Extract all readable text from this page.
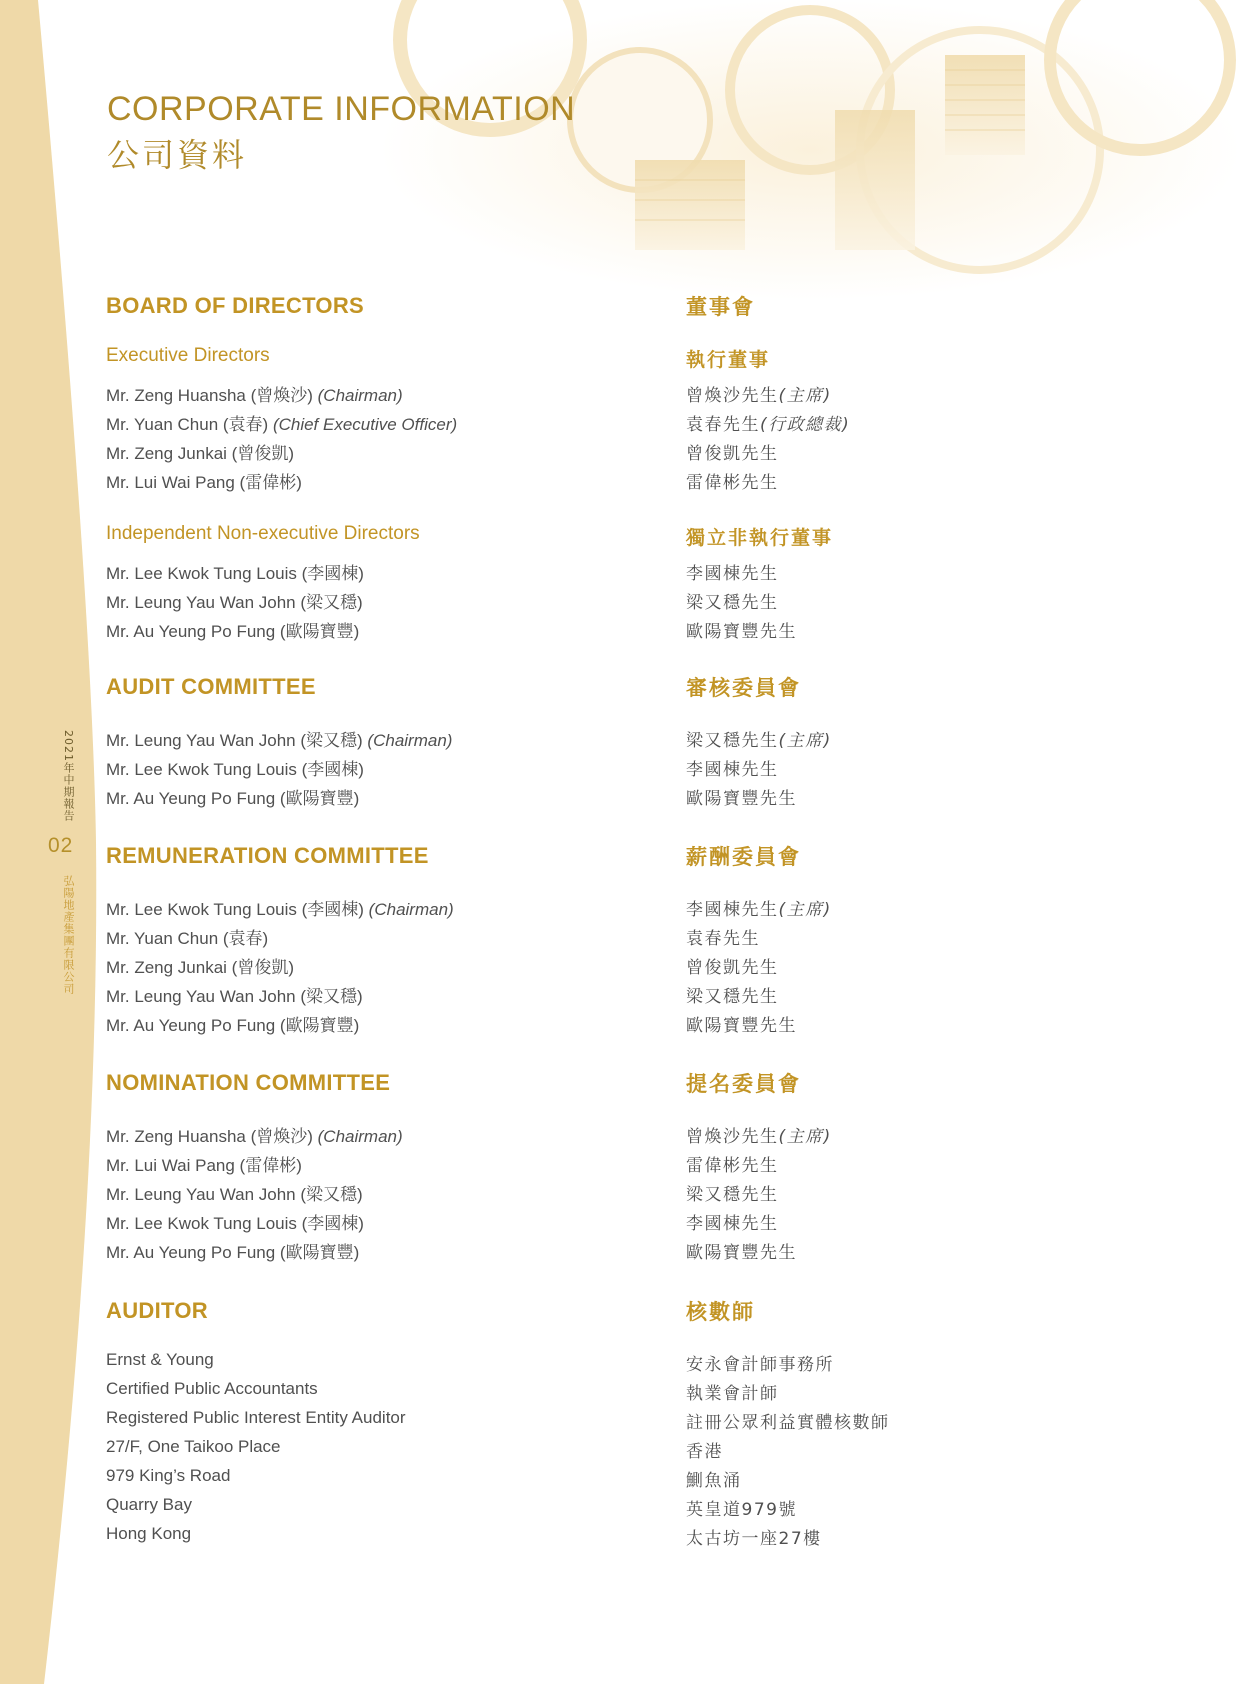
CORPORATE INFORMATION
公司資料
2021年中期報告
02
弘陽地產集團有限公司
BOARD OF DIRECTORS
Executive Directors
Mr. Zeng Huansha (曾煥沙) (Chairman)
Mr. Yuan Chun (袁春) (Chief Executive Officer)
Mr. Zeng Junkai (曾俊凱)
Mr. Lui Wai Pang (雷偉彬)
Independent Non-executive Directors
Mr. Lee Kwok Tung Louis (李國棟)
Mr. Leung Yau Wan John (梁又穩)
Mr. Au Yeung Po Fung (歐陽寶豐)
AUDIT COMMITTEE
Mr. Leung Yau Wan John (梁又穩) (Chairman)
Mr. Lee Kwok Tung Louis (李國棟)
Mr. Au Yeung Po Fung (歐陽寶豐)
REMUNERATION COMMITTEE
Mr. Lee Kwok Tung Louis (李國棟) (Chairman)
Mr. Yuan Chun (袁春)
Mr. Zeng Junkai (曾俊凱)
Mr. Leung Yau Wan John (梁又穩)
Mr. Au Yeung Po Fung (歐陽寶豐)
NOMINATION COMMITTEE
Mr. Zeng Huansha (曾煥沙) (Chairman)
Mr. Lui Wai Pang (雷偉彬)
Mr. Leung Yau Wan John (梁又穩)
Mr. Lee Kwok Tung Louis (李國棟)
Mr. Au Yeung Po Fung (歐陽寶豐)
AUDITOR
Ernst & Young
Certified Public Accountants
Registered Public Interest Entity Auditor
27/F, One Taikoo Place
979 King’s Road
Quarry Bay
Hong Kong
董事會
執行董事
曾煥沙先生(主席)
袁春先生(行政總裁)
曾俊凱先生
雷偉彬先生
獨立非執行董事
李國棟先生
梁又穩先生
歐陽寶豐先生
審核委員會
梁又穩先生(主席)
李國棟先生
歐陽寶豐先生
薪酬委員會
李國棟先生(主席)
袁春先生
曾俊凱先生
梁又穩先生
歐陽寶豐先生
提名委員會
曾煥沙先生(主席)
雷偉彬先生
梁又穩先生
李國棟先生
歐陽寶豐先生
核數師
安永會計師事務所
執業會計師
註冊公眾利益實體核數師
香港
鰂魚涌
英皇道979號
太古坊一座27樓
